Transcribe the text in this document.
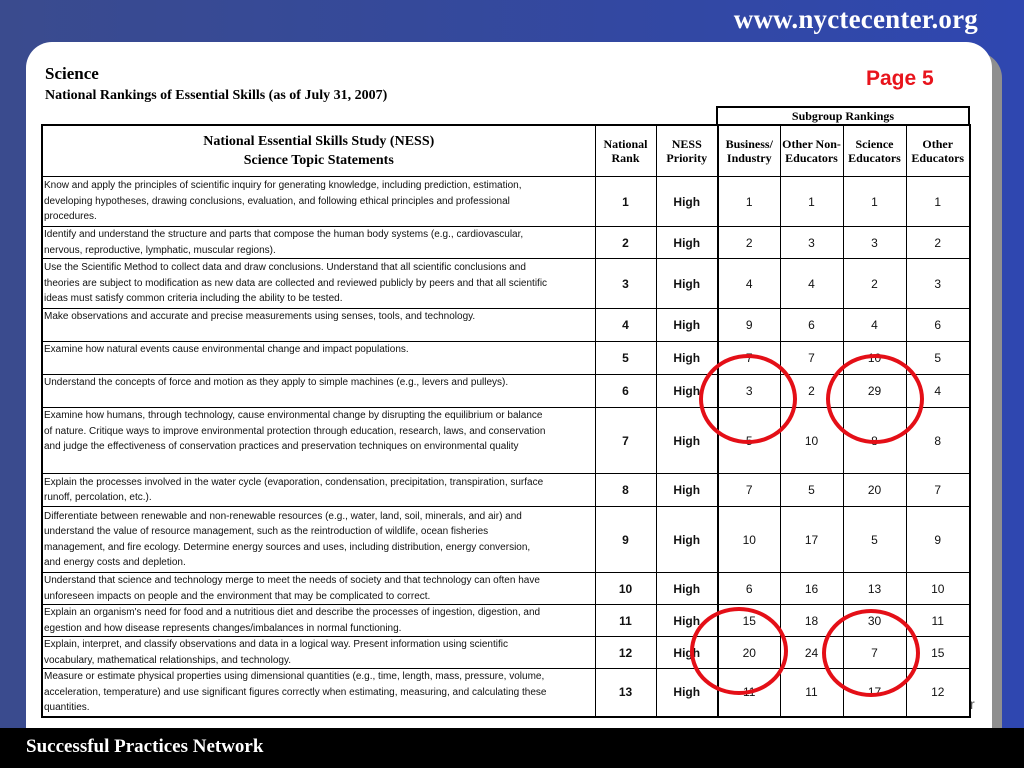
www.nyctecenter.org
Science
National Rankings of Essential Skills (as of July 31, 2007)
Page 5
Subgroup Rankings
National Essential Skills Study (NESS)
Science Topic Statements	National Rank	NESS Priority	Business/ Industry	Other Non-Educators	Science Educators	Other Educators

Know and apply the principles of scientific inquiry for generating knowledge, including prediction, estimation,
developing hypotheses, drawing conclusions, evaluation, and following ethical principles and professional
procedures.	1	High	1	1	1	1

Identify and understand the structure and parts that compose the human body systems (e.g., cardiovascular,
nervous, reproductive, lymphatic, muscular regions).	2	High	2	3	3	2

Use the Scientific Method to collect data and draw conclusions. Understand that all scientific conclusions and
theories are subject to modification as new data are collected and reviewed publicly by peers and that all scientific
ideas must satisfy common criteria including the ability to be tested.	3	High	4	4	2	3

Make observations and accurate and precise measurements using senses, tools, and technology.	4	High	9	6	4	6

Examine how natural events cause environmental change and impact populations.	5	High	7	7	10	5

Understand the concepts of force and motion as they apply to simple machines (e.g., levers and pulleys).	6	High	3	2	29	4

Examine how humans, through technology, cause environmental change by disrupting the equilibrium or balance
of nature. Critique ways to improve environmental protection through education, research, laws, and conservation
and judge the effectiveness of conservation practices and preservation techniques on environmental quality	7	High	5	10	8	8

Explain the processes involved in the water cycle (evaporation, condensation, precipitation, transpiration, surface
runoff, percolation, etc.).	8	High	7	5	20	7

Differentiate between renewable and non-renewable resources (e.g., water, land, soil, minerals, and air) and
understand the value of resource management, such as the reintroduction of wildlife, ocean fisheries
management, and fire ecology. Determine energy sources and uses, including distribution, energy conversion,
and energy costs and depletion.	9	High	10	17	5	9

Understand that science and technology merge to meet the needs of society and that technology can often have
unforeseen impacts on people and the environment that may be complicated to correct.	10	High	6	16	13	10

Explain an organism's need for food and a nutritious diet and describe the processes of ingestion, digestion, and
egestion and how disease represents changes/imbalances in normal functioning.	11	High	15	18	30	11

Explain, interpret, and classify observations and data in a logical way. Present information using scientific
vocabulary, mathematical relationships, and technology.	12	High	20	24	7	15

Measure or estimate physical properties using dimensional quantities (e.g., time, length, mass, pressure, volume,
acceleration, temperature) and use significant figures correctly when estimating, measuring, and calculating these
quantities.	13	High	11	11	17	12
r
Successful Practices Network
